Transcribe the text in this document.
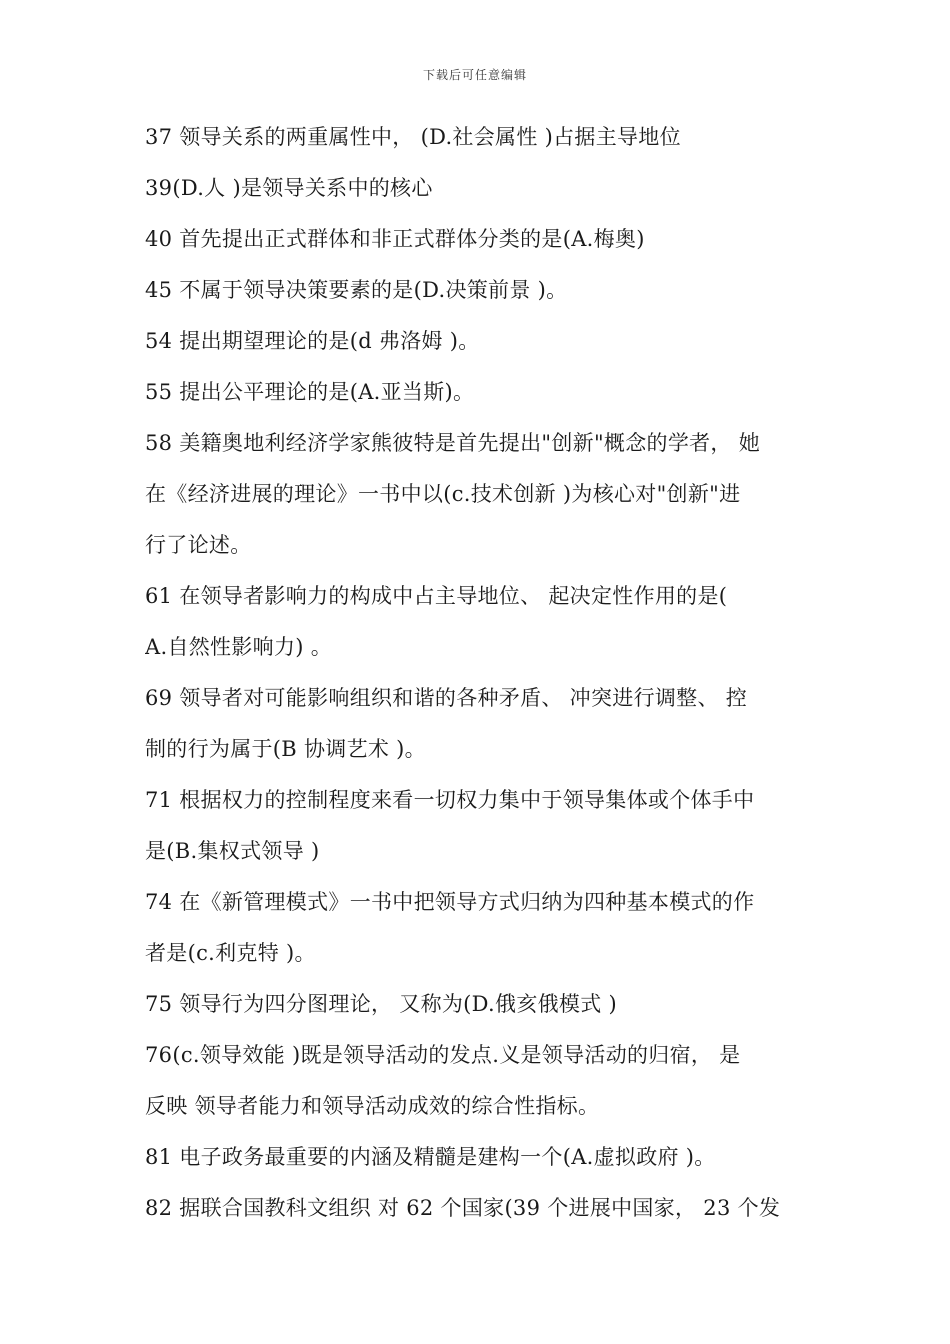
下载后可任意编辑
37 领导关系的两重属性中， (D.社会属性 )占据主导地位
39(D.人 )是领导关系中的核心
40 首先提出正式群体和非正式群体分类的是(A.梅奥)
45 不属于领导决策要素的是(D.决策前景 )。
54 提出期望理论的是(d 弗洛姆 )。
55 提出公平理论的是(A.亚当斯)。
58 美籍奥地利经济学家熊彼特是首先提出"创新"概念的学者， 她
在《经济进展的理论》一书中以(c.技术创新 )为核心对"创新"进
行了论述。
61 在领导者影响力的构成中占主导地位、 起决定性作用的是(
A.自然性影响力) 。
69 领导者对可能影响组织和谐的各种矛盾、 冲突进行调整、 控
制的行为属于(B 协调艺术 )。
71 根据权力的控制程度来看一切权力集中于领导集体或个体手中
是(B.集权式领导 )
74 在《新管理模式》一书中把领导方式归纳为四种基本模式的作
者是(c.利克特 )。
75 领导行为四分图理论， 又称为(D.俄亥俄模式 )
76(c.领导效能 )既是领导活动的发点.义是领导活动的归宿， 是
反映 领导者能力和领导活动成效的综合性指标。
81 电子政务最重要的内涵及精髓是建构一个(A.虚拟政府 )。
82 据联合国教科文组织 对 62 个国家(39 个进展中国家， 23 个发
